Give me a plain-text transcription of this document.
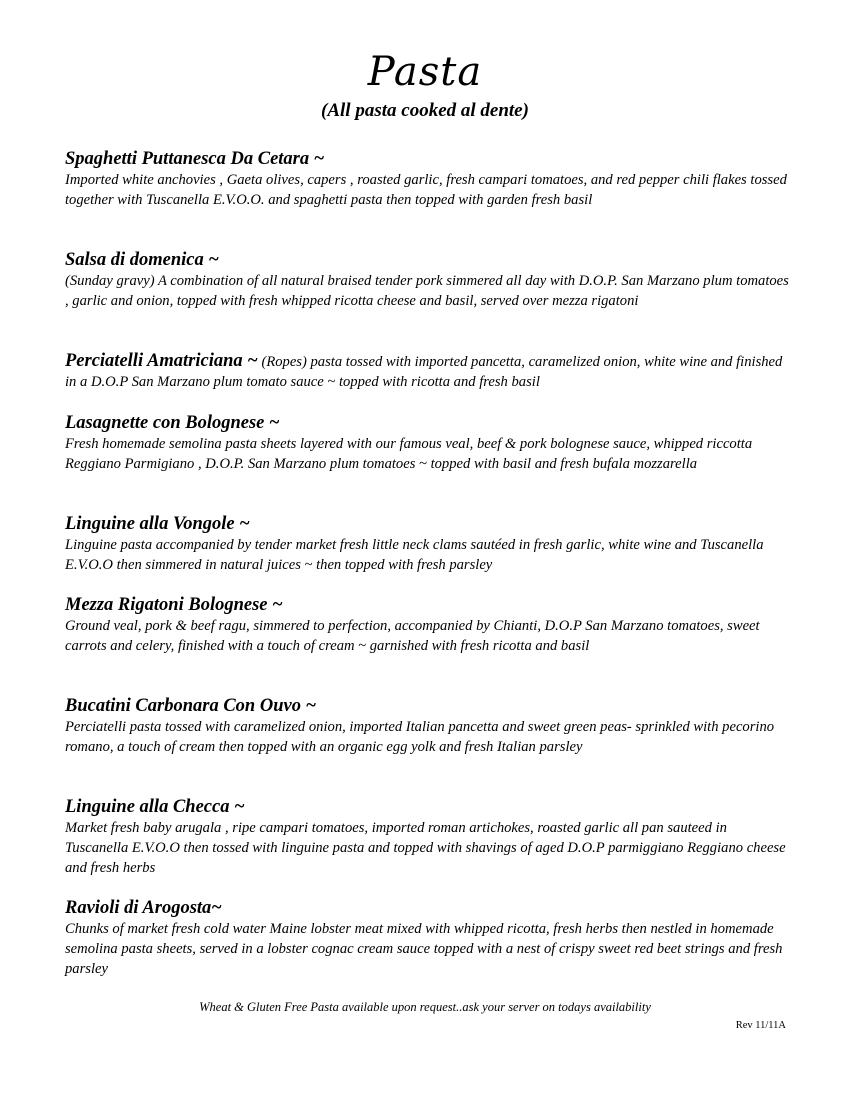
Pasta
(All pasta cooked al dente)
Spaghetti Puttanesca Da Cetara ~
Imported white anchovies , Gaeta olives, capers , roasted garlic, fresh campari tomatoes, and red pepper chili flakes tossed together with Tuscanella E.V.O.O. and spaghetti pasta then topped with garden fresh basil
Salsa di domenica ~
(Sunday gravy) A combination of all natural braised tender pork simmered all day with D.O.P. San Marzano plum tomatoes , garlic and onion, topped with fresh whipped ricotta cheese and basil, served over mezza rigatoni
Perciatelli Amatriciana ~ (Ropes) pasta tossed with imported pancetta, caramelized onion, white wine and finished in a D.O.P San Marzano plum tomato sauce ~ topped with ricotta and fresh basil
Lasagnette con Bolognese ~
Fresh homemade semolina pasta sheets layered with our famous veal, beef & pork bolognese sauce, whipped riccotta Reggiano Parmigiano , D.O.P. San Marzano plum tomatoes ~ topped with basil and fresh bufala mozzarella
Linguine alla Vongole ~
Linguine pasta accompanied by tender market fresh little neck clams sautéed in fresh garlic, white wine and Tuscanella E.V.O.O then simmered in natural juices ~ then topped with fresh parsley
Mezza Rigatoni Bolognese ~
Ground veal, pork & beef ragu, simmered to perfection, accompanied by Chianti, D.O.P San Marzano tomatoes, sweet carrots and celery, finished with a touch of cream ~ garnished with fresh ricotta and basil
Bucatini Carbonara Con Ouvo ~
Perciatelli pasta tossed with caramelized onion, imported Italian pancetta and sweet green peas- sprinkled with pecorino romano, a touch of cream then topped with an organic egg yolk and fresh Italian parsley
Linguine alla Checca ~
Market fresh baby arugala , ripe campari tomatoes, imported roman artichokes, roasted garlic all pan sauteed in Tuscanella E.V.O.O then tossed with linguine pasta and topped with shavings of aged D.O.P parmiggiano Reggiano cheese and fresh herbs
Ravioli di Arogosta~
Chunks of market fresh cold water Maine lobster meat mixed with whipped ricotta, fresh herbs then nestled in homemade semolina pasta sheets, served in a lobster cognac cream sauce topped with a nest of crispy sweet red beet strings and fresh parsley
Wheat & Gluten Free Pasta available upon request..ask your server on todays availability
Rev 11/11A
